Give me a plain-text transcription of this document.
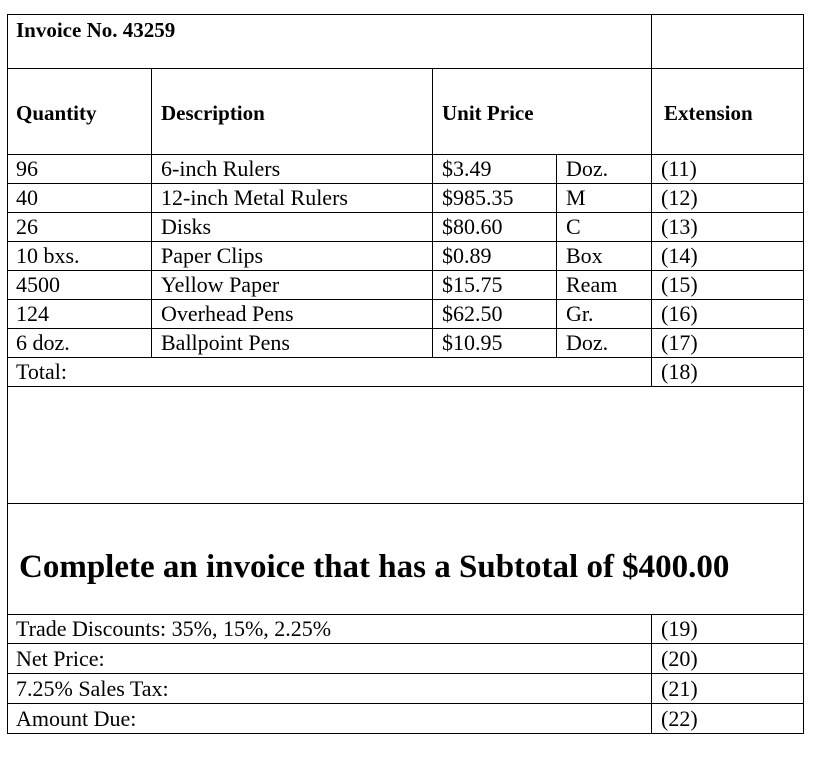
Invoice No. 43259
Quantity	Description	Unit Price	Extension
96	6-inch Rulers	$3.49	Doz. (11)
40	12-inch Metal Rulers	$985.35 M	(12)
26	Disks	$80.60	C	(13)
10 bxs.	Paper Clips	$0.89	Box	(14)
4500	Yellow Paper	$15.75	Ream (15)
124	Overhead Pens	$62.50	Gr.	(16)
6 doz.	Ballpoint Pens	$10.95	Doz. (17)
Total:	(18)
Complete an invoice that has a Subtotal of $400.00
Trade Discounts: 35%, 15%, 2.25%	(19)
Net Price:	(20)
7.25% Sales Tax:	(21)
Amount Due:	(22)
